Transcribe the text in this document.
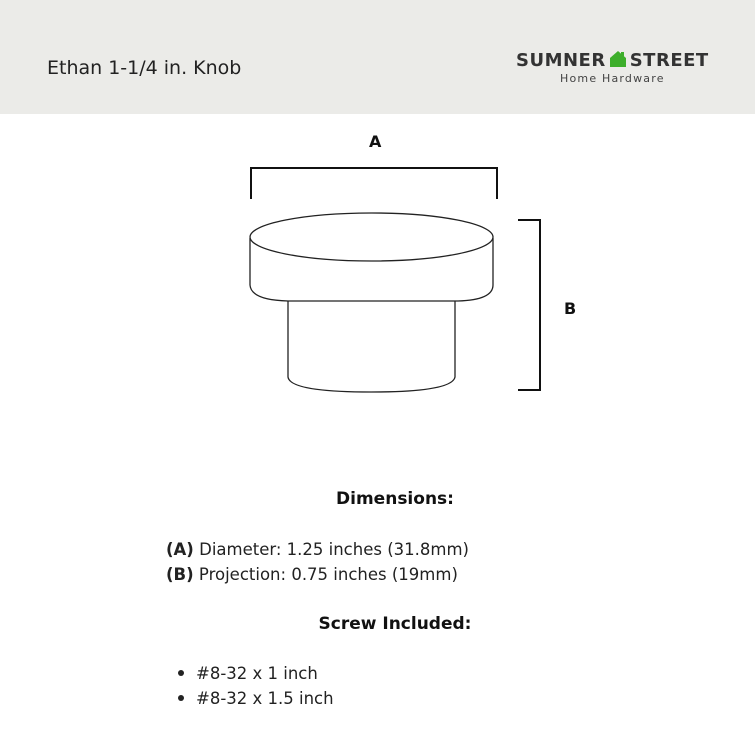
Ethan 1-1/4 in. Knob	SUMNER STREET
Home Hardware
A
B
Dimensions:
(A) Diameter: 1.25 inches (31.8mm)
(B) Projection: 0.75 inches (19mm)
Screw Included:
#8-32 x 1 inch
#8-32 x 1.5 inch
